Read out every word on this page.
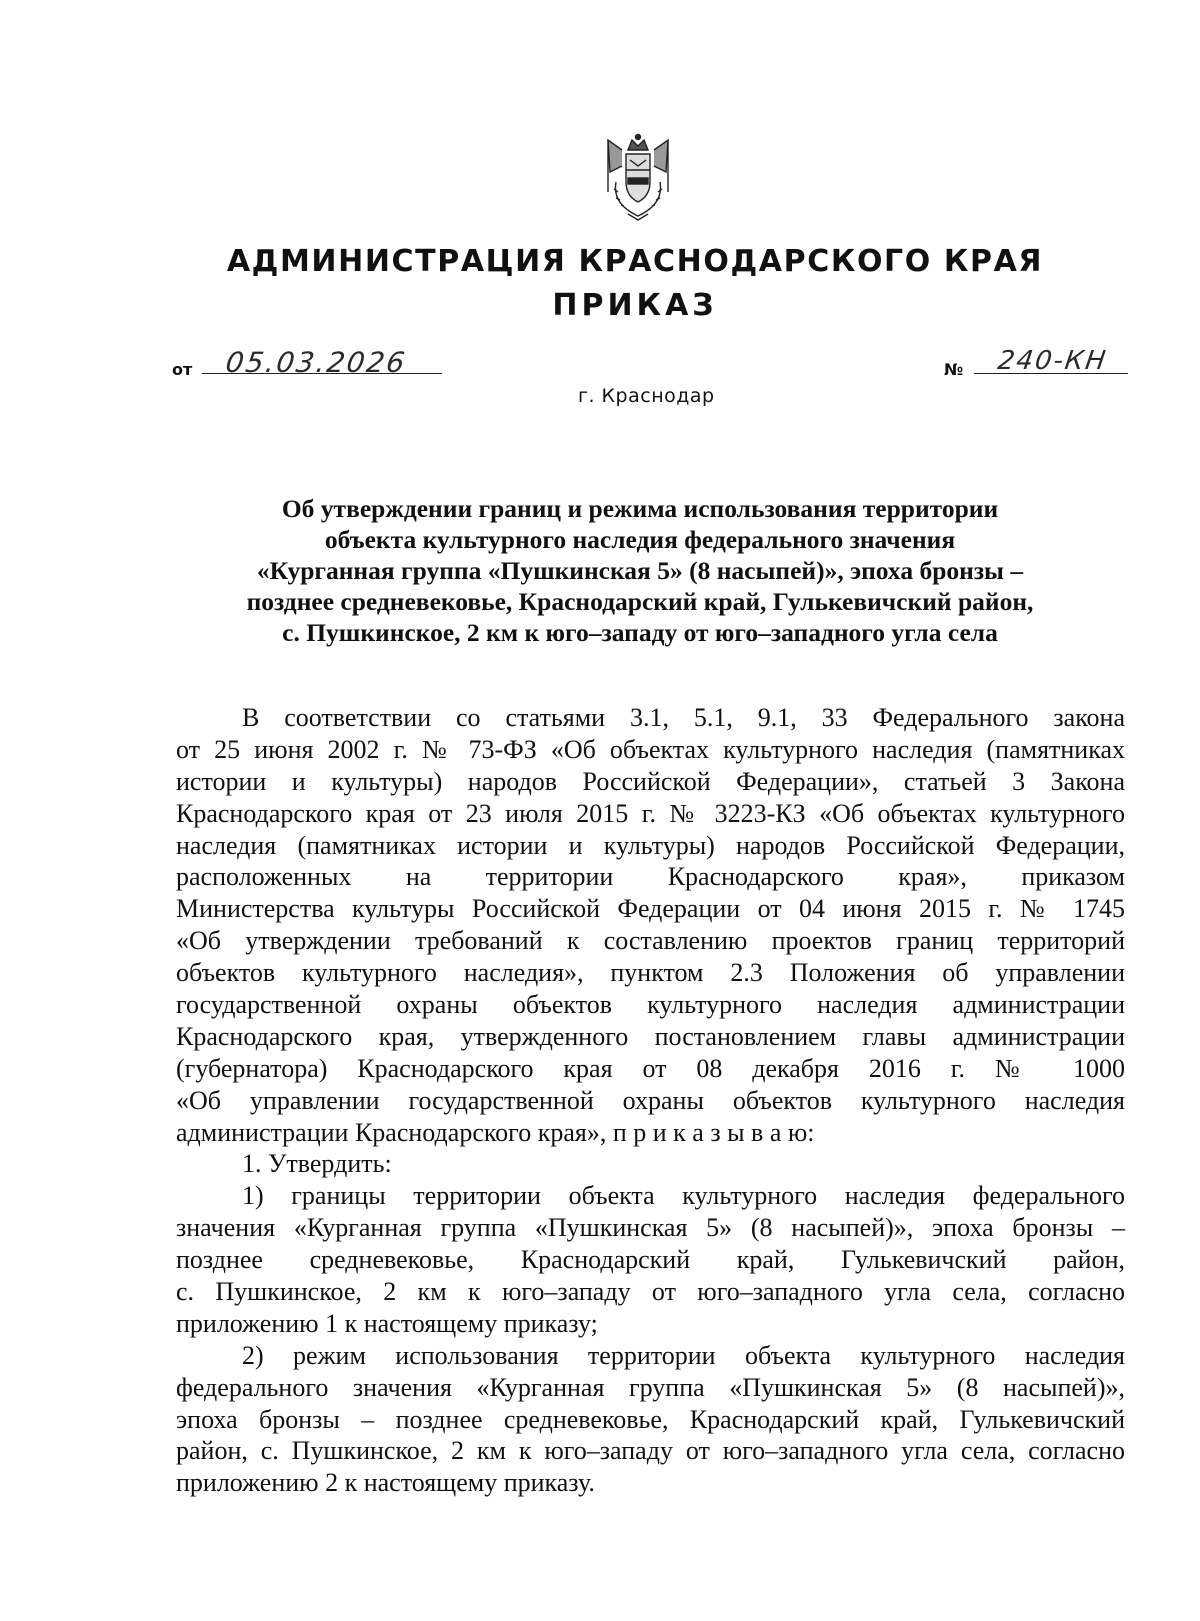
АДМИНИСТРАЦИЯ КРАСНОДАРСКОГО КРАЯ
ПРИКАЗ
от 05.03.2026	№ 240-КН
г. Краснодар
Об утверждении границ и режима использования территории
объекта культурного наследия федерального значения
«Курганная группа «Пушкинская 5» (8 насыпей)», эпоха бронзы –
позднее средневековье, Краснодарский край, Гулькевичский район,
с. Пушкинское, 2 км к юго–западу от юго–западного угла села
В соответствии со статьями 3.1, 5.1, 9.1, 33 Федерального закона
от 25 июня 2002 г. № 73-ФЗ «Об объектах культурного наследия (памятниках
истории и культуры) народов Российской Федерации», статьей 3 Закона
Краснодарского края от 23 июля 2015 г. № 3223-КЗ «Об объектах культурного
наследия (памятниках истории и культуры) народов Российской Федерации,
расположенных на территории Краснодарского края», приказом
Министерства культуры Российской Федерации от 04 июня 2015 г. № 1745
«Об утверждении требований к составлению проектов границ территорий
объектов культурного наследия», пунктом 2.3 Положения об управлении
государственной охраны объектов культурного наследия администрации
Краснодарского края, утвержденного постановлением главы администрации
(губернатора) Краснодарского края от 08 декабря 2016 г. № 1000
«Об управлении государственной охраны объектов культурного наследия
администрации Краснодарского края», п р и к а з ы в а ю:
1. Утвердить:
1) границы территории объекта культурного наследия федерального
значения «Курганная группа «Пушкинская 5» (8 насыпей)», эпоха бронзы –
позднее средневековье, Краснодарский край, Гулькевичский район,
с. Пушкинское, 2 км к юго–западу от юго–западного угла села, согласно
приложению 1 к настоящему приказу;
2) режим использования территории объекта культурного наследия
федерального значения «Курганная группа «Пушкинская 5» (8 насыпей)»,
эпоха бронзы – позднее средневековье, Краснодарский край, Гулькевичский
район, с. Пушкинское, 2 км к юго–западу от юго–западного угла села, согласно
приложению 2 к настоящему приказу.
